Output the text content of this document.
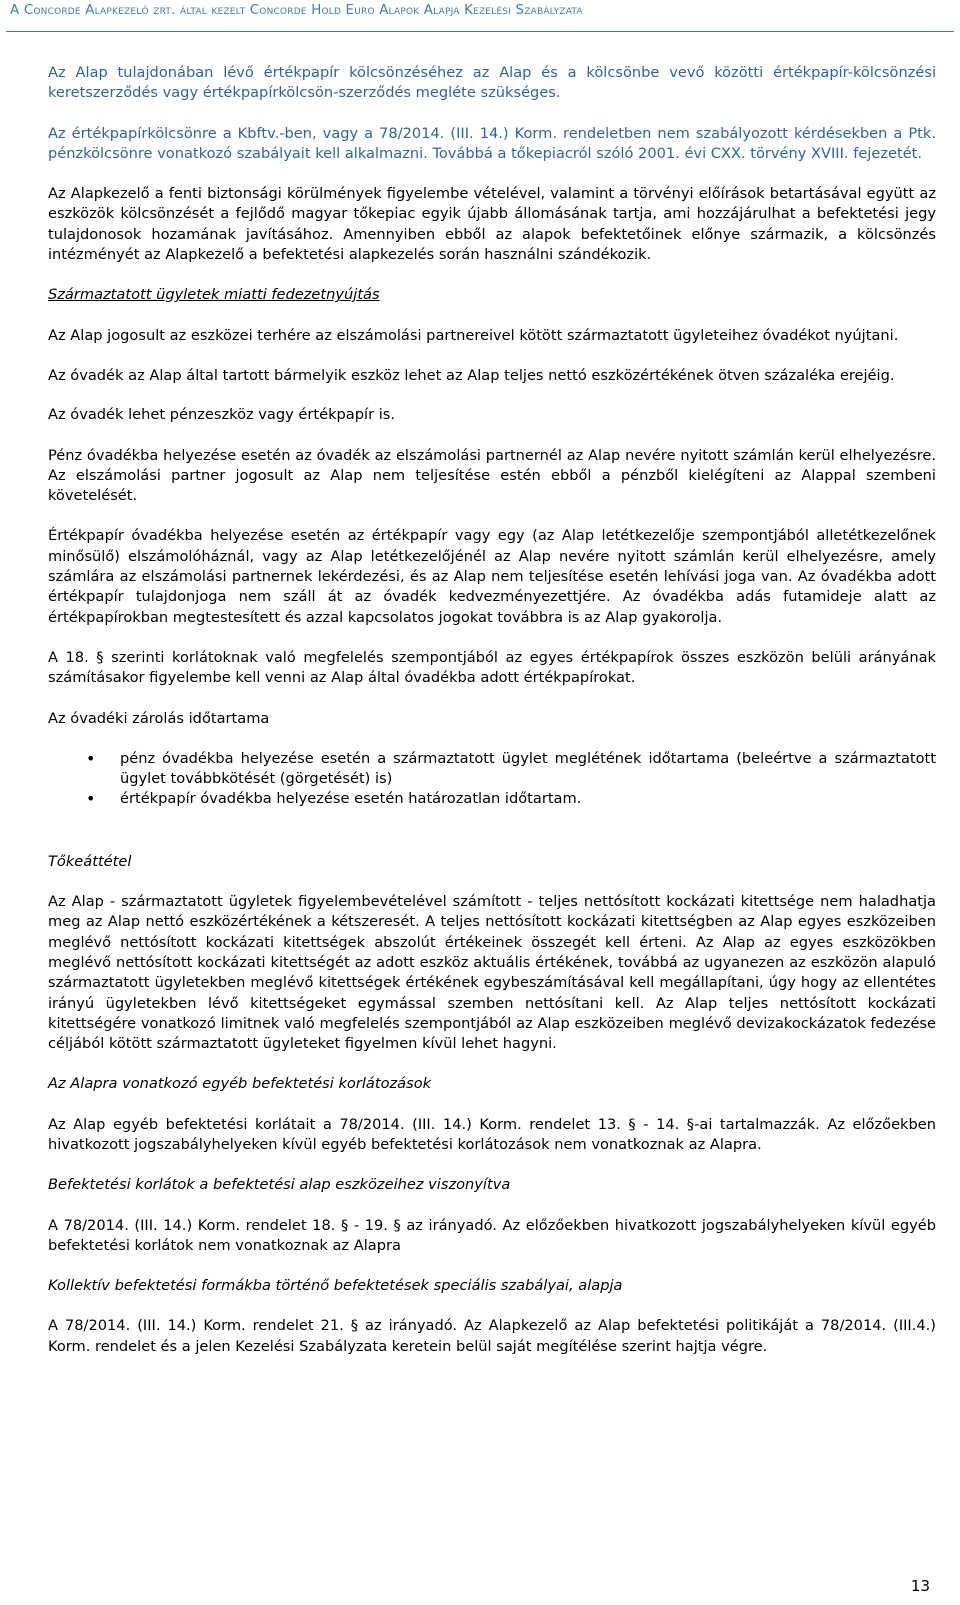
A Concorde Alapkezelő zrt. által kezelt Concorde Hold Euro Alapok Alapja Kezelési Szabályzata

Az Alap tulajdonában lévő értékpapír kölcsönzéséhez az Alap és a kölcsönbe vevő közötti értékpapír-kölcsönzési keretszerződés vagy értékpapírkölcsön-szerződés megléte szükséges.

Az értékpapírkölcsönre a Kbftv.-ben, vagy a 78/2014. (III. 14.) Korm. rendeletben nem szabályozott kérdésekben a Ptk. pénzkölcsönre vonatkozó szabályait kell alkalmazni. Továbbá a tőkepiacról szóló 2001. évi CXX. törvény XVIII. fejezetét.

Az Alapkezelő a fenti biztonsági körülmények figyelembe vételével, valamint a törvényi előírások betartásával együtt az eszközök kölcsönzését a fejlődő magyar tőkepiac egyik újabb állomásának tartja, ami hozzájárulhat a befektetési jegy tulajdonosok hozamának javításához. Amennyiben ebből az alapok befektetőinek előnye származik, a kölcsönzés intézményét az Alapkezelő a befektetési alapkezelés során használni szándékozik.

Származtatott ügyletek miatti fedezetnyújtás

Az Alap jogosult az eszközei terhére az elszámolási partnereivel kötött származtatott ügyleteihez óvadékot nyújtani.

Az óvadék az Alap által tartott bármelyik eszköz lehet az Alap teljes nettó eszközértékének ötven százaléka erejéig.

Az óvadék lehet pénzeszköz vagy értékpapír is.

Pénz óvadékba helyezése esetén az óvadék az elszámolási partnernél az Alap nevére nyitott számlán kerül elhelyezésre. Az elszámolási partner jogosult az Alap nem teljesítése estén ebből a pénzből kielégíteni az Alappal szembeni követelését.

Értékpapír óvadékba helyezése esetén az értékpapír vagy egy (az Alap letétkezelője szempontjából alletétkezelőnek minősülő) elszámolóháznál, vagy az Alap letétkezelőjénél az Alap nevére nyitott számlán kerül elhelyezésre, amely számlára az elszámolási partnernek lekérdezési, és az Alap nem teljesítése esetén lehívási joga van. Az óvadékba adott értékpapír tulajdonjoga nem száll át az óvadék kedvezményezettjére. Az óvadékba adás futamideje alatt az értékpapírokban megtestesített és azzal kapcsolatos jogokat továbbra is az Alap gyakorolja.

A 18. § szerinti korlátoknak való megfelelés szempontjából az egyes értékpapírok összes eszközön belüli arányának számításakor figyelembe kell venni az Alap által óvadékba adott értékpapírokat.

Az óvadéki zárolás időtartama

• pénz óvadékba helyezése esetén a származtatott ügylet meglétének időtartama (beleértve a származtatott ügylet továbbkötését (görgetését) is)
• értékpapír óvadékba helyezése esetén határozatlan időtartam.

Tőkeáttétel

Az Alap - származtatott ügyletek figyelembevételével számított - teljes nettósított kockázati kitettsége nem haladhatja meg az Alap nettó eszközértékének a kétszeresét. A teljes nettósított kockázati kitettségben az Alap egyes eszközeiben meglévő nettósított kockázati kitettségek abszolút értékeinek összegét kell érteni. Az Alap az egyes eszközökben meglévő nettósított kockázati kitettségét az adott eszköz aktuális értékének, továbbá az ugyanezen az eszközön alapuló származtatott ügyletekben meglévő kitettségek értékének egybeszámításával kell megállapítani, úgy hogy az ellentétes irányú ügyletekben lévő kitettségeket egymással szemben nettósítani kell. Az Alap teljes nettósított kockázati kitettségére vonatkozó limitnek való megfelelés szempontjából az Alap eszközeiben meglévő devizakockázatok fedezése céljából kötött származtatott ügyleteket figyelmen kívül lehet hagyni.

Az Alapra vonatkozó egyéb befektetési korlátozások

Az Alap egyéb befektetési korlátait a 78/2014. (III. 14.) Korm. rendelet 13. § - 14. §-ai tartalmazzák. Az előzőekben hivatkozott jogszabályhelyeken kívül egyéb befektetési korlátozások nem vonatkoznak az Alapra.

Befektetési korlátok a befektetési alap eszközeihez viszonyítva

A 78/2014. (III. 14.) Korm. rendelet 18. § - 19. § az irányadó. Az előzőekben hivatkozott jogszabályhelyeken kívül egyéb befektetési korlátok nem vonatkoznak az Alapra

Kollektív befektetési formákba történő befektetések speciális szabályai, alapja

A 78/2014. (III. 14.) Korm. rendelet 21. § az irányadó. Az Alapkezelő az Alap befektetési politikáját a 78/2014. (III.4.) Korm. rendelet és a jelen Kezelési Szabályzata keretein belül saját megítélése szerint hajtja végre.

13
